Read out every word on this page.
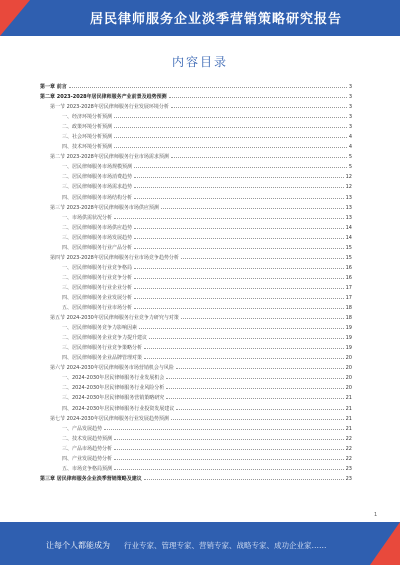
居民律师服务企业淡季营销策略研究报告
内容目录
第一章 前言	3
第二章 2023-2028年居民律师服务产业前景及趋势预测	3
第一节 2023-2028年居民律师服务行业发展环境分析	3
一、经济环境分析预测	3
二、政策环境分析预测	3
三、社会环境分析预测	4
四、技术环境分析预测	4
第二节 2023-2028年居民律师服务行业市场需求预测	5
一、居民律师服务市场规模预测	5
二、居民律师服务市场消费趋势	12
三、居民律师服务市场需求趋势	12
四、居民律师服务市场结构分析	13
第三节 2023-2028年居民律师服务市场供应预测	13
一、市场供需状况分析	13
二、居民律师服务市场供应趋势	14
三、居民律师服务市场发展趋势	14
四、居民律师服务行业产品分析	15
第四节 2023-2028年居民律师服务行业市场竞争趋势分析	15
一、居民律师服务行业竞争格局	16
二、居民律师服务行业竞争分析	16
三、居民律师服务行业企业分析	17
四、居民律师服务企业发展分析	17
五、居民律师服务行业市场分析	18
第五节 2024-2030年居民律师服务行业竞争力研究与对策	18
一、居民律师服务竞争力影响因素	19
二、居民律师服务企业竞争力提升建议	19
三、居民律师服务行业竞争策略分析	19
四、居民律师服务企业品牌管理对策	20
第六节 2024-2030年居民律师服务市场营销机会与风险	20
一、2024-2030年居民律师服务行业发展机会	20
二、2024-2030年居民律师服务行业风险分析	20
三、2024-2030年居民律师服务营销策略研究	21
四、2024-2030年居民律师服务行业投资发展建议	21
第七节 2024-2030年居民律师服务行业发展趋势预测	21
一、产品发展趋势	21
二、技术发展趋势预测	22
三、产品市场趋势分析	22
四、产业发展趋势分析	22
五、市场竞争格局预测	23
第三章 居民律师服务企业淡季营销策略及建议	23
1
让每个人都能成为 行业专家、管理专家、营销专家、战略专家、成功企业家……
